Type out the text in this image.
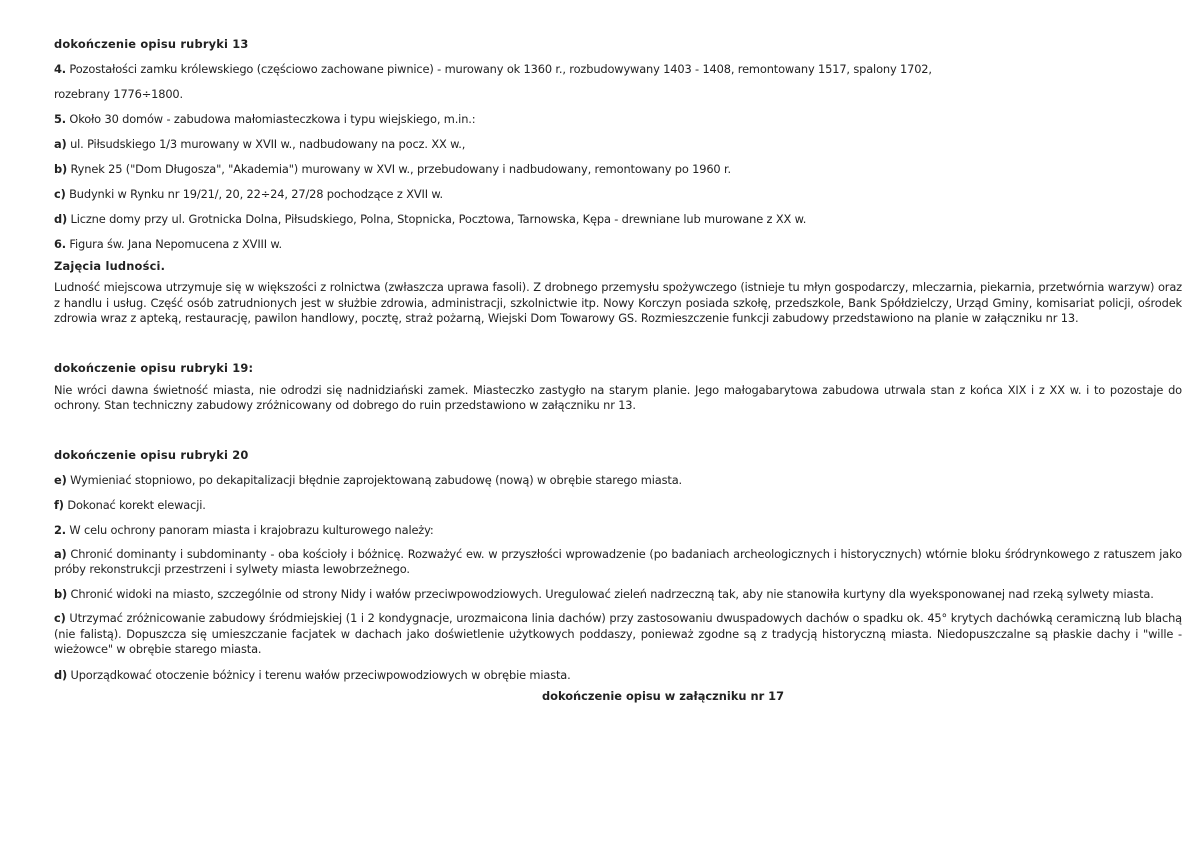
dokończenie opisu rubryki 13
4. Pozostałości zamku królewskiego (częściowo zachowane piwnice) - murowany ok 1360 r., rozbudowywany 1403 - 1408, remontowany 1517, spalony 1702,
rozebrany 1776÷1800.
5. Około 30 domów - zabudowa małomiasteczkowa i typu wiejskiego, m.in.:
a) ul. Piłsudskiego 1/3 murowany w XVII w., nadbudowany na pocz. XX w.,
b) Rynek 25 ("Dom Długosza", "Akademia") murowany w XVI w., przebudowany i nadbudowany, remontowany po 1960 r.
c) Budynki w Rynku nr 19/21/, 20, 22÷24, 27/28 pochodzące z XVII w.
d) Liczne domy przy ul. Grotnicka Dolna, Piłsudskiego, Polna, Stopnicka, Pocztowa, Tarnowska, Kępa - drewniane lub murowane z XX w.
6. Figura św. Jana Nepomucena z XVIII w.
Zajęcia ludności.
Ludność miejscowa utrzymuje się w większości z rolnictwa (zwłaszcza uprawa fasoli). Z drobnego przemysłu spożywczego (istnieje tu młyn gospodarczy, mleczarnia, piekarnia, przetwórnia warzyw) oraz z handlu i usług. Część osób zatrudnionych jest w służbie zdrowia, administracji, szkolnictwie itp. Nowy Korczyn posiada szkołę, przedszkole, Bank Spółdzielczy, Urząd Gminy, komisariat policji, ośrodek zdrowia wraz z apteką, restaurację, pawilon handlowy, pocztę, straż pożarną, Wiejski Dom Towarowy GS. Rozmieszczenie funkcji zabudowy przedstawiono na planie w załączniku nr 13.
dokończenie opisu rubryki 19:
Nie wróci dawna świetność miasta, nie odrodzi się nadnidziański zamek. Miasteczko zastygło na starym planie. Jego małogabarytowa zabudowa utrwala stan z końca XIX i z XX w. i to pozostaje do ochrony. Stan techniczny zabudowy zróżnicowany od dobrego do ruin przedstawiono w załączniku nr 13.
dokończenie opisu rubryki 20
e) Wymieniać stopniowo, po dekapitalizacji błędnie zaprojektowaną zabudowę (nową) w obrębie starego miasta.
f) Dokonać korekt elewacji.
2. W celu ochrony panoram miasta i krajobrazu kulturowego należy:
a) Chronić dominanty i subdominanty - oba kościoły i bóżnicę. Rozważyć ew. w przyszłości wprowadzenie (po badaniach archeologicznych i historycznych) wtórnie bloku śródrynkowego z ratuszem jako próby rekonstrukcji przestrzeni i sylwety miasta lewobrzeżnego.
b) Chronić widoki na miasto, szczególnie od strony Nidy i wałów przeciwpowodziowych. Uregulować zieleń nadrzeczną tak, aby nie stanowiła kurtyny dla wyeksponowanej nad rzeką sylwety miasta.
c) Utrzymać zróżnicowanie zabudowy śródmiejskiej (1 i 2 kondygnacje, urozmaicona linia dachów) przy zastosowaniu dwuspadowych dachów o spadku ok. 45° krytych dachówką ceramiczną lub blachą (nie falistą). Dopuszcza się umieszczanie facjatek w dachach jako doświetlenie użytkowych poddaszy, ponieważ zgodne są z tradycją historyczną miasta. Niedopuszczalne są płaskie dachy i "wille - wieżowce" w obrębie starego miasta.
d) Uporządkować otoczenie bóżnicy i terenu wałów przeciwpowodziowych w obrębie miasta.
dokończenie opisu w załączniku nr 17
